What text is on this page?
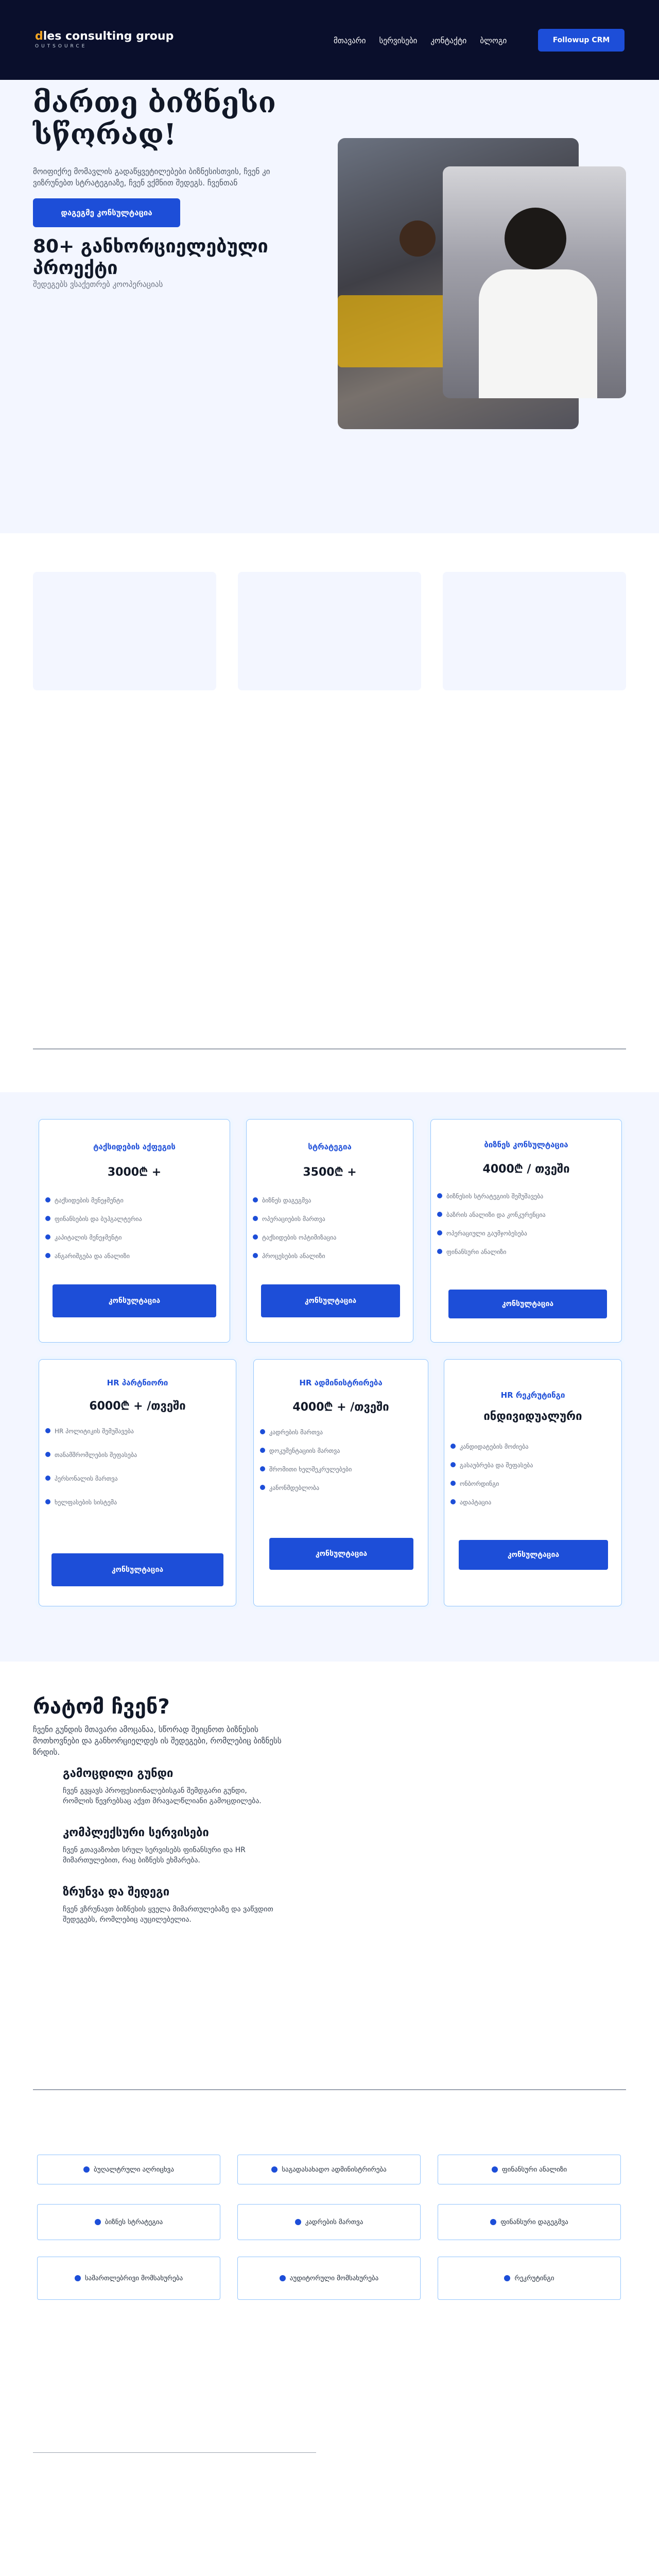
dles consulting group
OUTSOURCE
მთავარი სერვისები კონტაქტი ბლოგი	Followup CRM
მართე ბიზნესი სწორად!
მოიფიქრე მომავლის გადაწყვეტილებები ბიზნესისთვის, ჩვენ კი ვიზრუნებთ სტრატეგიაზე, ჩვენ ვქმნით შედეგს. ჩვენთან
დაგეგმე კონსულტაცია
80+ განხორციელებული პროექტი
შედეგებს ვსაქეთრებ კოოპერაციას
ტაქსიდების აქფეგის
3000₾ +
ტაქსიდების მენეჯმენტი
ფინანსების და ბუჰგალტერია
კაპიტალის მენეჯმენტი
ანგარიშგება და ანალიზი
კონსულტაცია
სტრატეგია
3500₾ +
ბიზნეს დაგეგმვა
ოპერაციების მართვა
ტაქსიდების ოპტიმიზაცია
პროცესების ანალიზი
კონსულტაცია
ბიზნეს კონსულტაცია
4000₾ / თვეში
ბიზნესის სტრატეგიის შემუშავება
ბაზრის ანალიზი და კონკურენცია
ოპერაციული გაუმჯობესება
ფინანსური ანალიზი
კონსულტაცია
HR პარტნიორი
6000₾ + /თვეში
HR პოლიტიკის შემუშავება
თანამშრომლების შეფასება
პერსონალის მართვა
ხელფასების სისტემა
კონსულტაცია
HR ადმინისტრირება
4000₾ + /თვეში
კადრების მართვა
დოკუმენტაციის მართვა
შრომითი ხელშეკრულებები
კანონმდებლობა
კონსულტაცია
HR რეკრუტინგი
ინდივიდუალური
კანდიდატების მოძიება
გასაუბრება და შეფასება
ონბორდინგი
ადაპტაცია
კონსულტაცია
რატომ ჩვენ?
ჩვენი გუნდის მთავარი ამოცანაა, სწორად შეიცნოთ ბიზნესის მოთხოვნები და განხორციელდეს ის შედეგები, რომლებიც ბიზნესს ზრდის.
გამოცდილი გუნდი
ჩვენ გვყავს პროფესიონალებისგან შემდგარი გუნდი, რომლის წევრებსაც აქვთ მრავალწლიანი გამოცდილება.
კომპლექსური სერვისები
ჩვენ გთავაზობთ სრულ სერვისებს ფინანსური და HR მიმართულებით, რაც ბიზნესს ეხმარება.
ზრუნვა და შედეგი
ჩვენ ვზრუნავთ ბიზნესის ყველა მიმართულებაზე და ვაწვდით შედეგებს, რომლებიც აუცილებელია.
ბუღალტრული აღრიცხვა	საგადასახადო ადმინისტრირება	ფინანსური ანალიზი
ბიზნეს სტრატეგია	კადრების მართვა	ფინანსური დაგეგმვა
სამართლებრივი მომსახურება	აუდიტორული მომსახურება	რეკრუტინგი
